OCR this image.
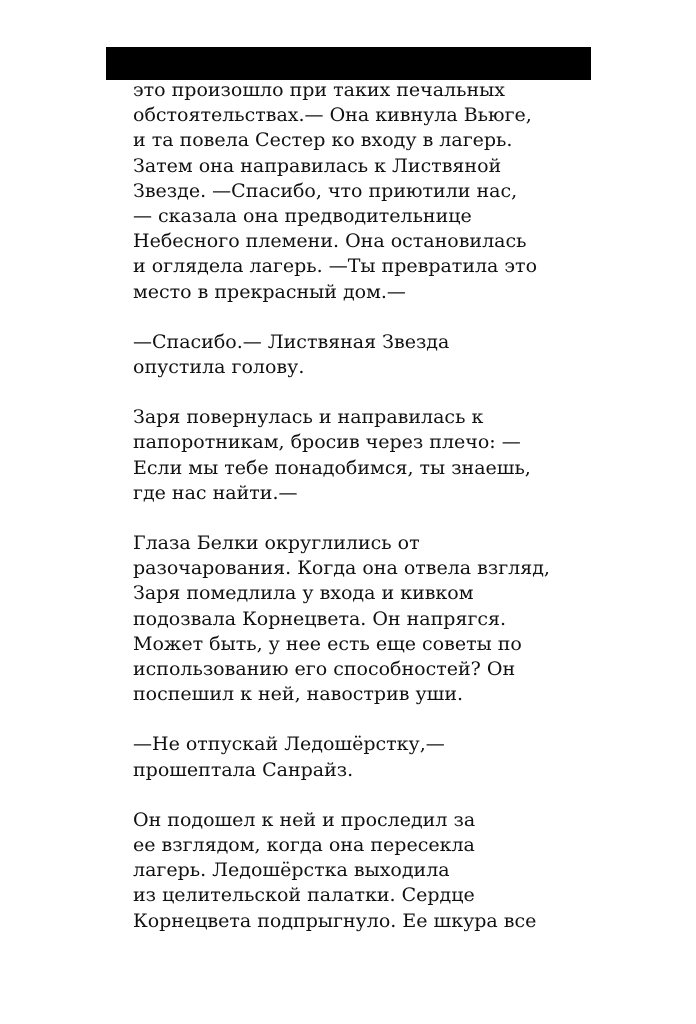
это произошло при таких печальных

обстоятельствах.— Она кивнула Вьюге,

и та повела Сестер ко входу в лагерь.

Затем она направилась к Листвяной

Звезде. —Спасибо, что приютили нас,

— сказала она предводительнице

Небесного племени. Она остановилась

и оглядела лагерь. —Ты превратила это

место в прекрасный дом.—

—Спасибо.— Листвяная Звезда

опустила голову.

Заря повернулась и направилась к

папоротникам, бросив через плечо: —

Если мы тебе понадобимся, ты знаешь,

где нас найти.—

Глаза Белки округлились от

разочарования. Когда она отвела взгляд,

Заря помедлила у входа и кивком

подозвала Корнецвета. Он напрягся.

Может быть, у нее есть еще советы по

использованию его способностей? Он

поспешил к ней, навострив уши.

—Не отпускай Ледошёрстку,—

прошептала Санрайз.

Он подошел к ней и проследил за

ее взглядом, когда она пересекла

лагерь. Ледошёрстка выходила

из целительской палатки. Сердце

Корнецвета подпрыгнуло. Ее шкура все
